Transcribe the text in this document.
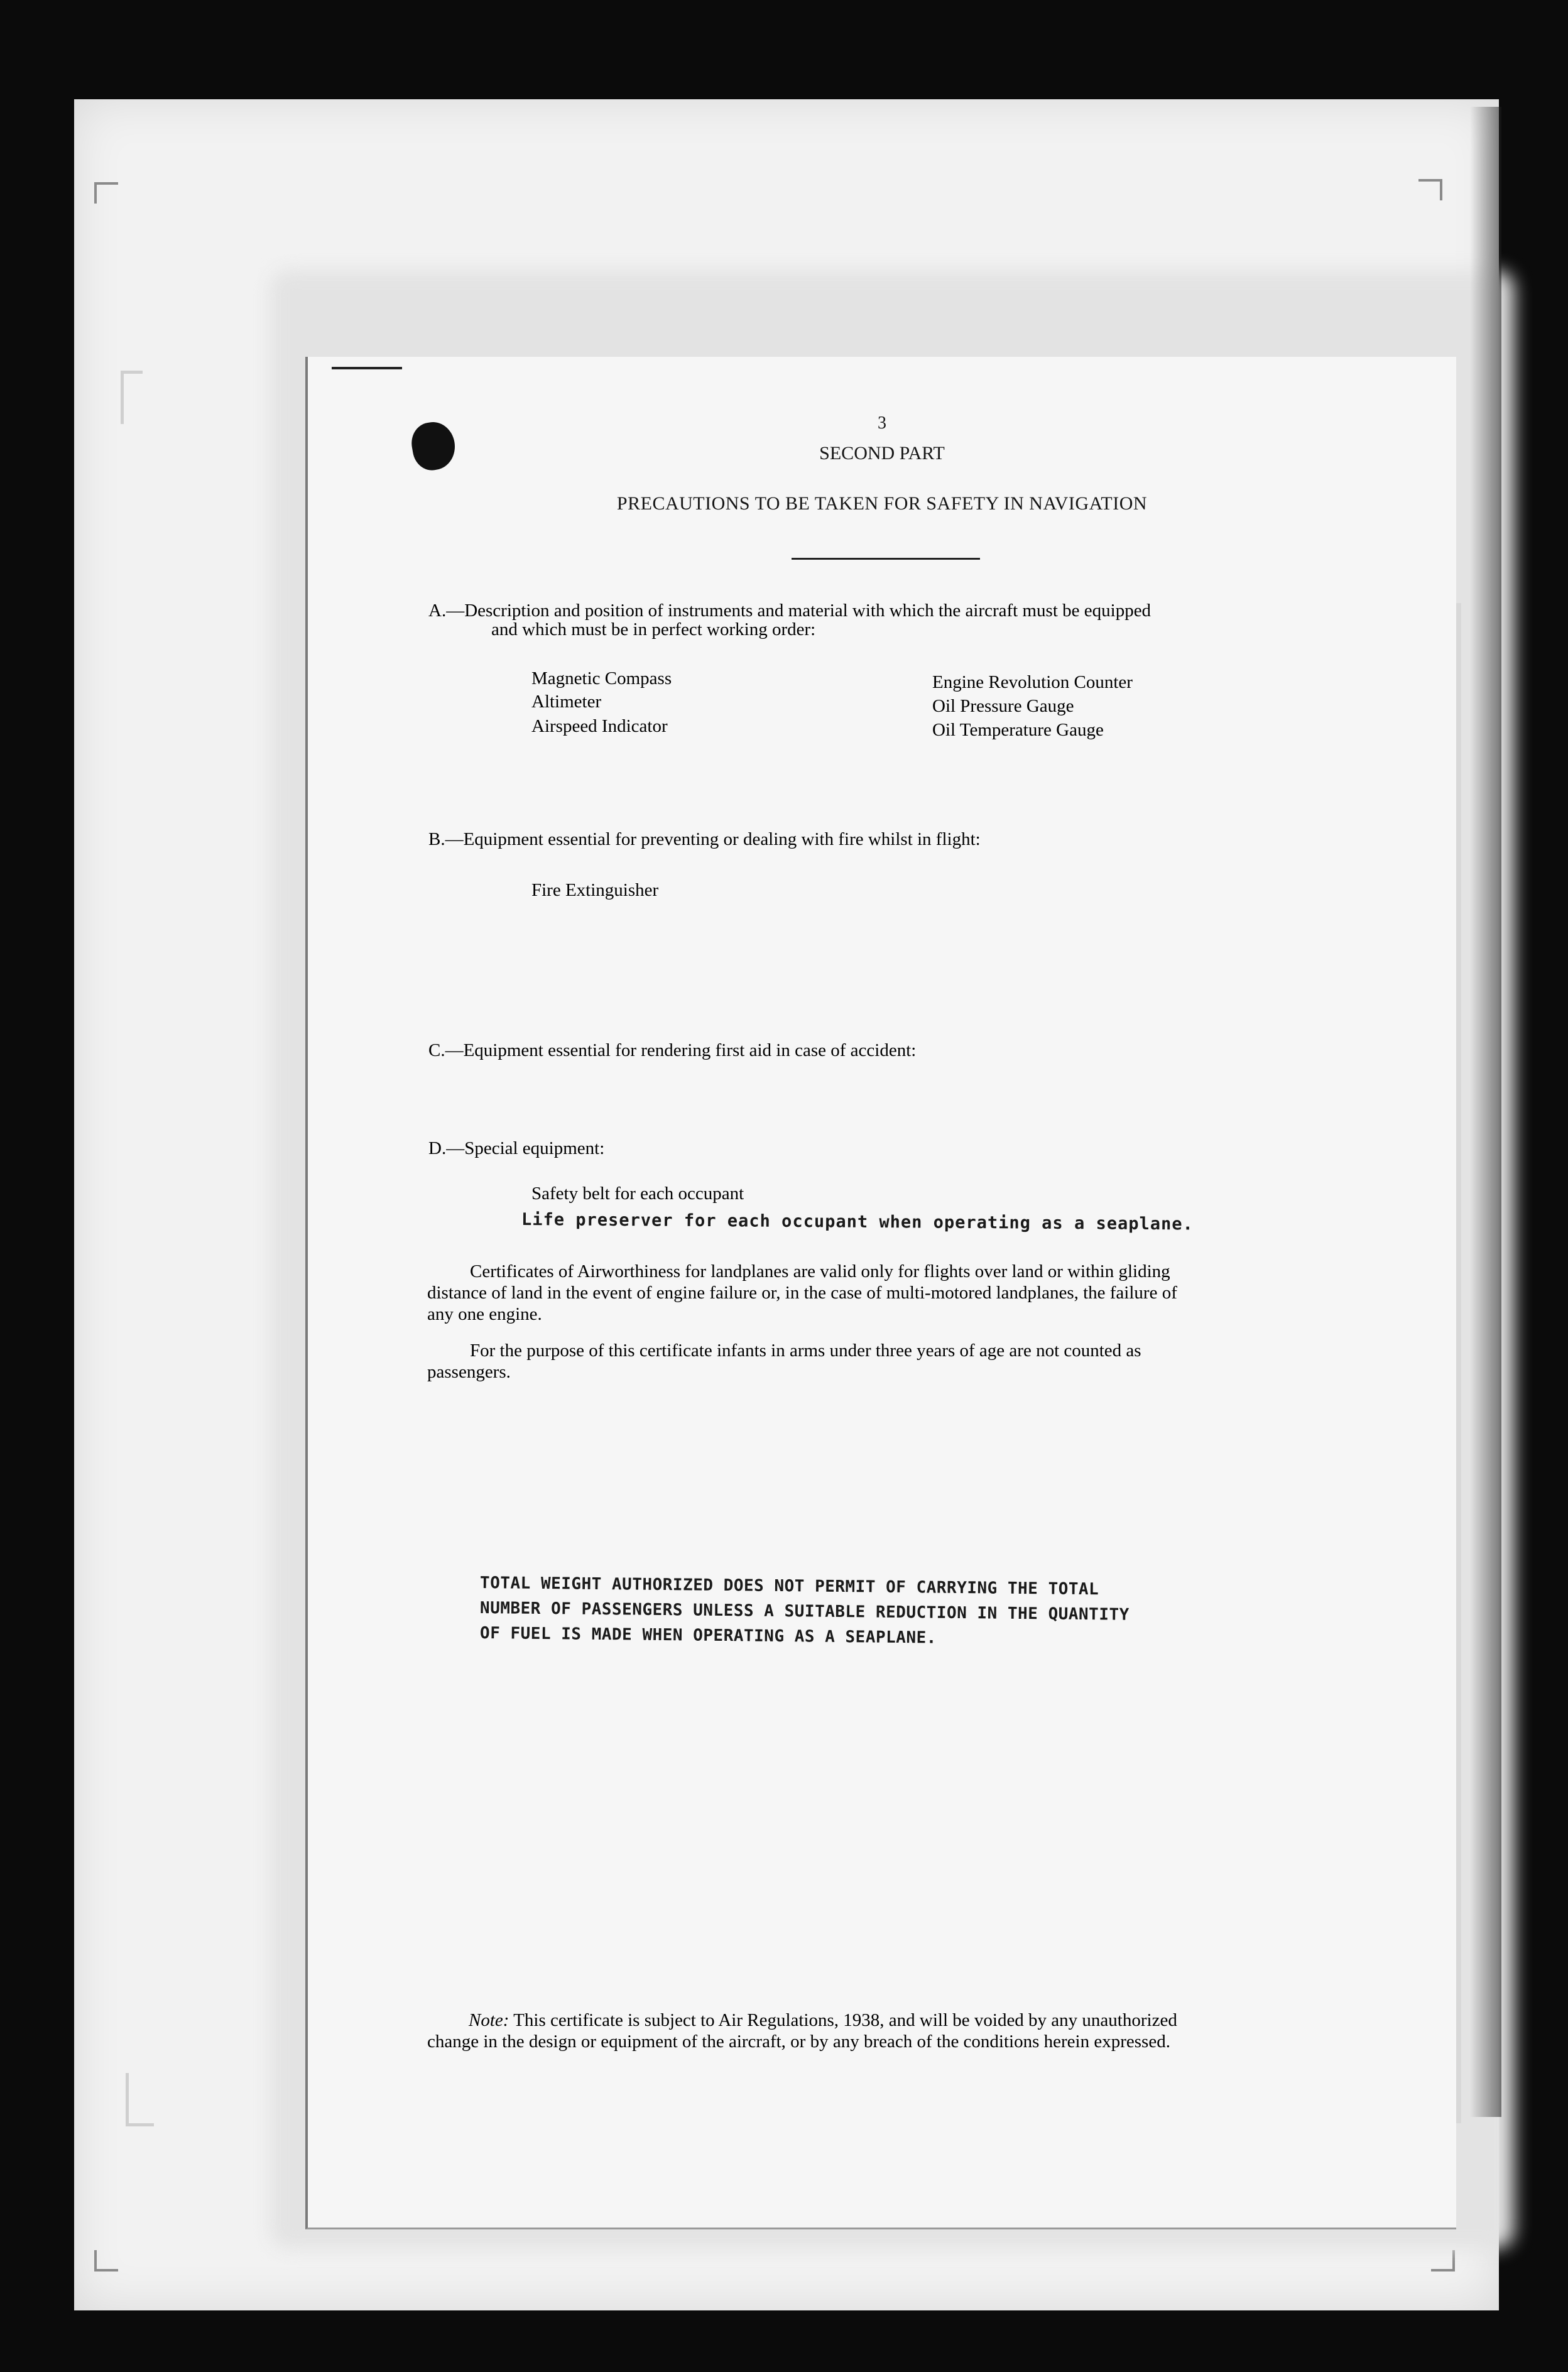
3
SECOND PART
PRECAUTIONS TO BE TAKEN FOR SAFETY IN NAVIGATION
A.—Description and position of instruments and material with which the aircraft must be equipped
and which must be in perfect working order:
Magnetic Compass
Altimeter
Airspeed Indicator
Engine Revolution Counter
Oil Pressure Gauge
Oil Temperature Gauge
B.—Equipment essential for preventing or dealing with fire whilst in flight:
Fire Extinguisher
C.—Equipment essential for rendering first aid in case of accident:
D.—Special equipment:
Safety belt for each occupant
Life preserver for each occupant when operating as a seaplane.
Certificates of Airworthiness for landplanes are valid only for flights over land or within gliding
distance of land in the event of engine failure or, in the case of multi-motored landplanes, the failure of
any one engine.
For the purpose of this certificate infants in arms under three years of age are not counted as
passengers.
TOTAL WEIGHT AUTHORIZED DOES NOT PERMIT OF CARRYING THE TOTAL
NUMBER OF PASSENGERS UNLESS A SUITABLE REDUCTION IN THE QUANTITY
OF FUEL IS MADE WHEN OPERATING AS A SEAPLANE.
Note: This certificate is subject to Air Regulations, 1938, and will be voided by any unauthorized
change in the design or equipment of the aircraft, or by any breach of the conditions herein expressed.
